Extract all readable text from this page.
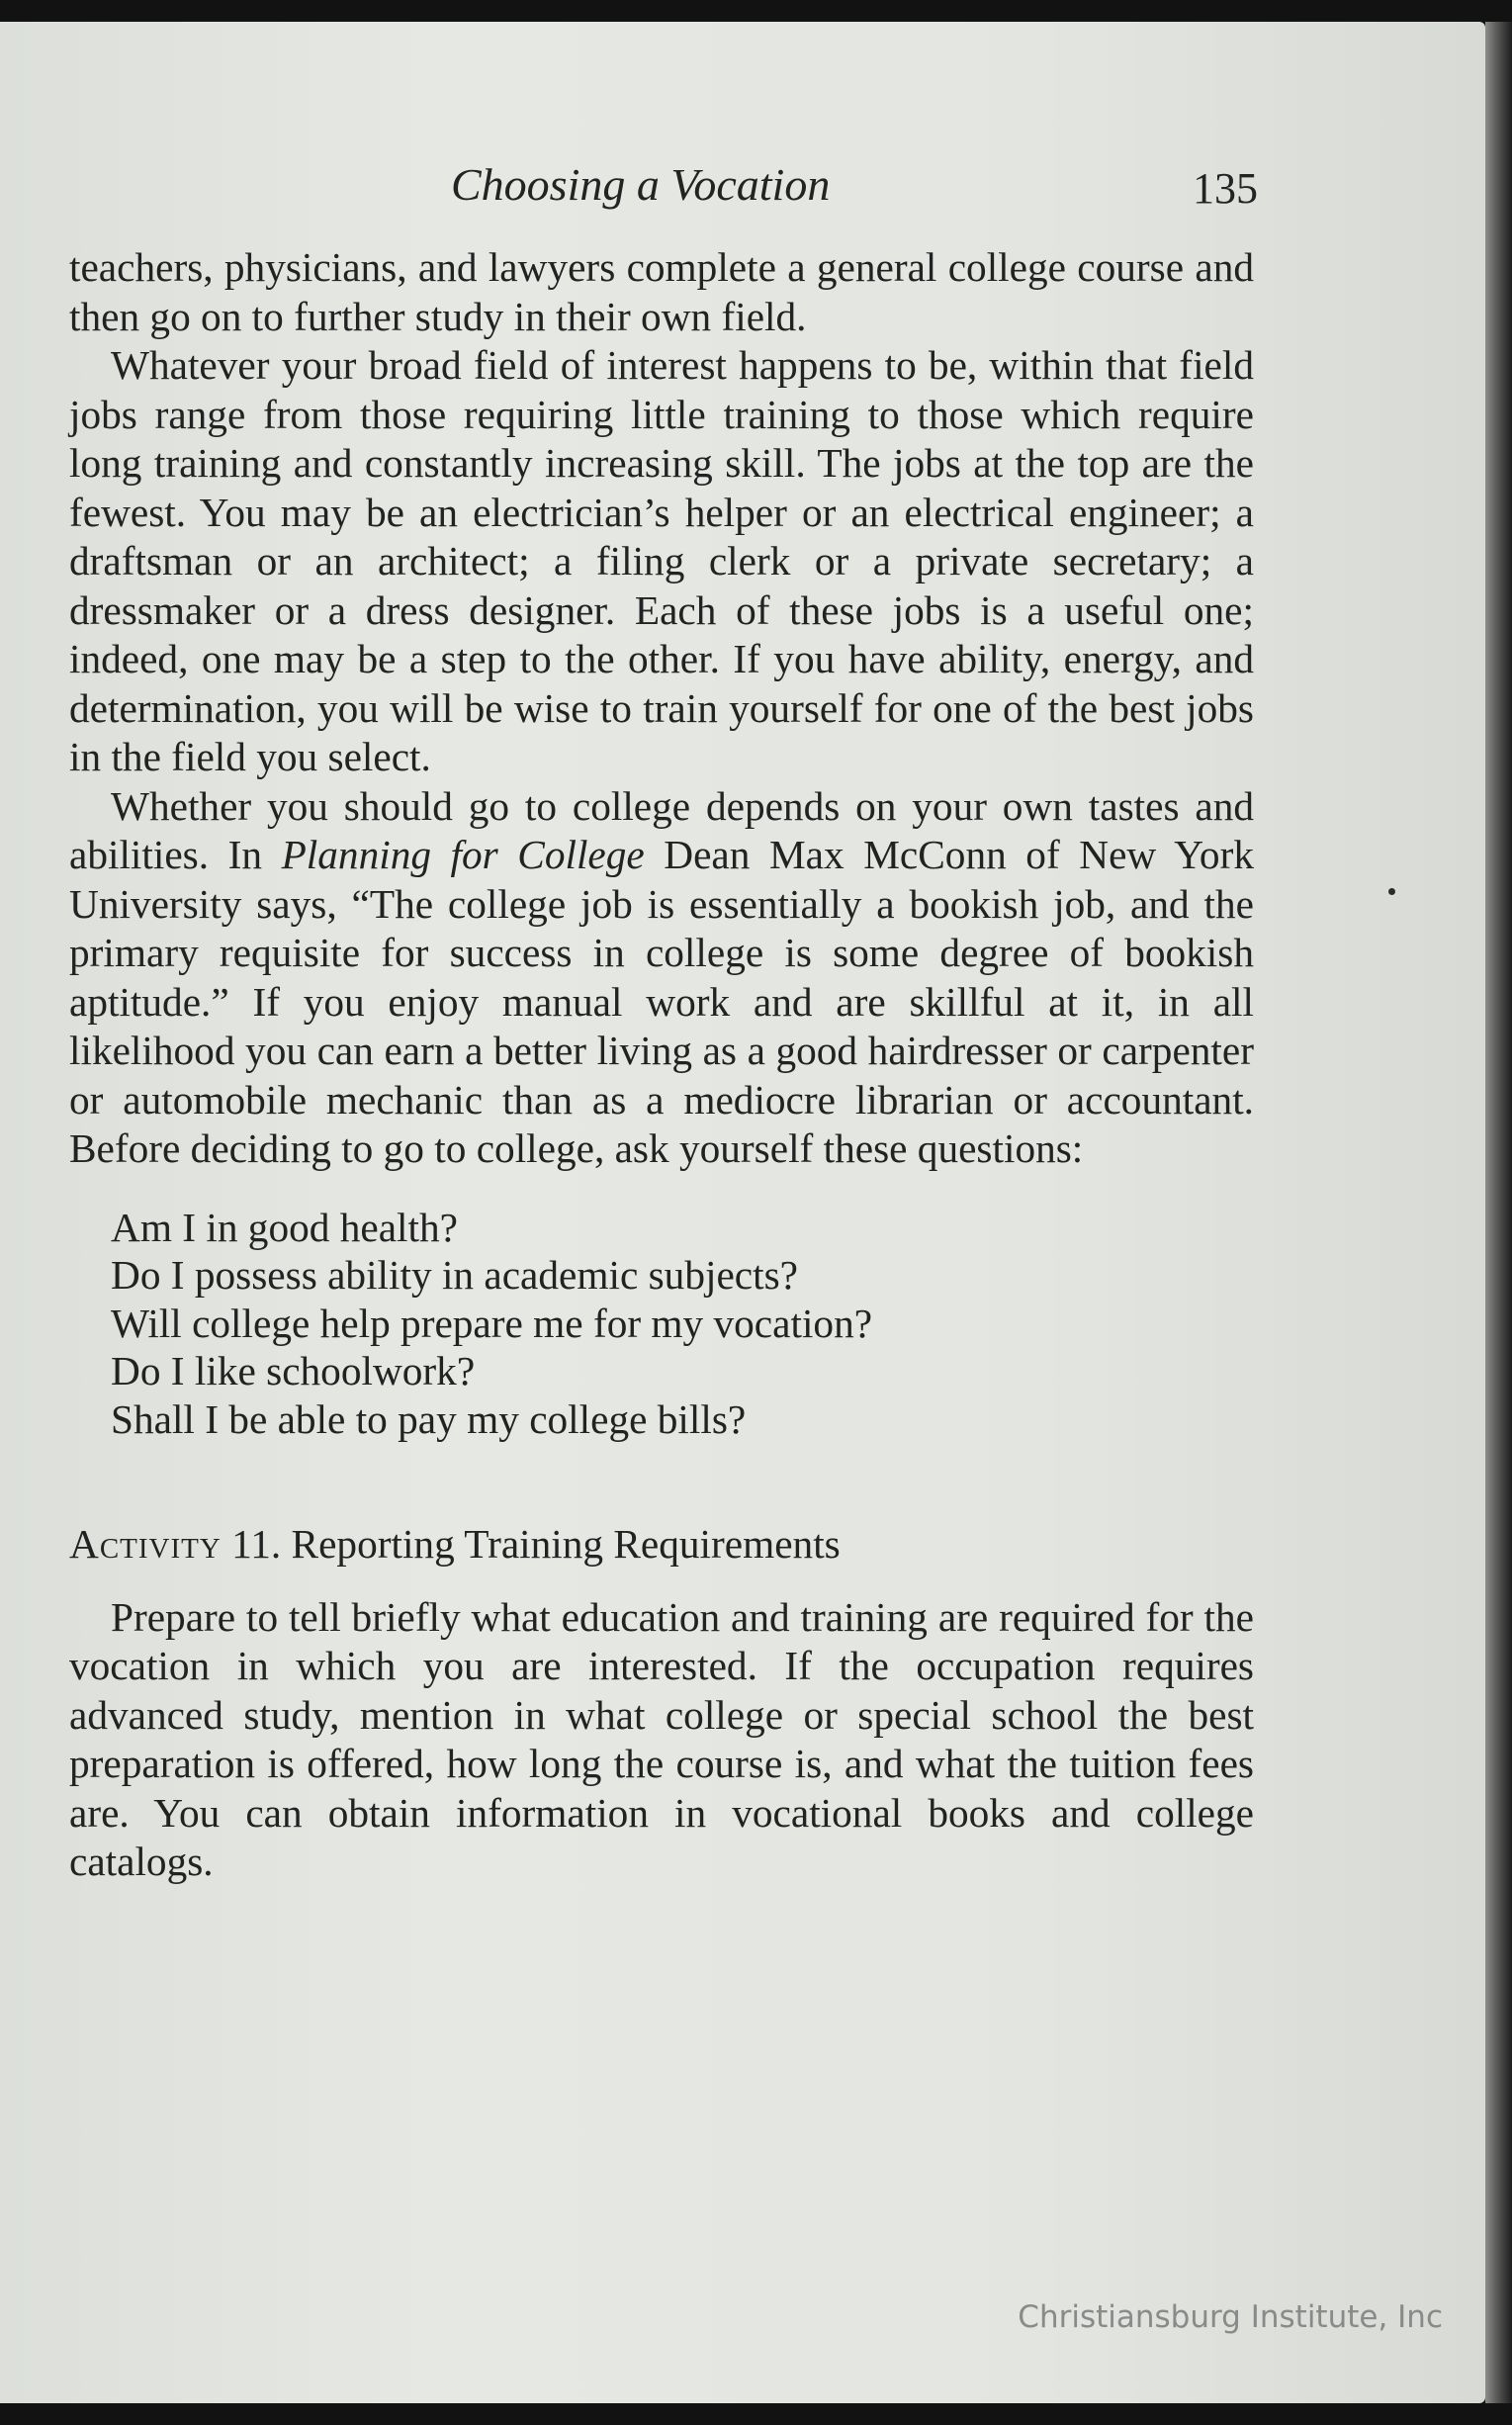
Choosing a Vocation	135

teachers, physicians, and lawyers complete a general college course and then go on to further study in their own field.

Whatever your broad field of interest happens to be, within that field jobs range from those requiring little training to those which require long training and constantly increasing skill. The jobs at the top are the fewest. You may be an electrician’s helper or an electrical engineer; a draftsman or an architect; a filing clerk or a private secretary; a dressmaker or a dress designer. Each of these jobs is a useful one; indeed, one may be a step to the other. If you have ability, energy, and determination, you will be wise to train yourself for one of the best jobs in the field you select.

Whether you should go to college depends on your own tastes and abilities. In Planning for College Dean Max McConn of New York University says, “The college job is essentially a bookish job, and the primary requisite for success in college is some degree of bookish aptitude.” If you enjoy manual work and are skillful at it, in all likelihood you can earn a better living as a good hairdresser or carpenter or automobile mechanic than as a mediocre librarian or accountant. Before deciding to go to college, ask yourself these questions:

Am I in good health?
Do I possess ability in academic subjects?
Will college help prepare me for my vocation?
Do I like schoolwork?
Shall I be able to pay my college bills?
Activity 11. Reporting Training Requirements

Prepare to tell briefly what education and training are required for the vocation in which you are interested. If the occupation requires advanced study, mention in what college or special school the best preparation is offered, how long the course is, and what the tuition fees are. You can obtain information in vocational books and college catalogs.

Christiansburg Institute, Inc
